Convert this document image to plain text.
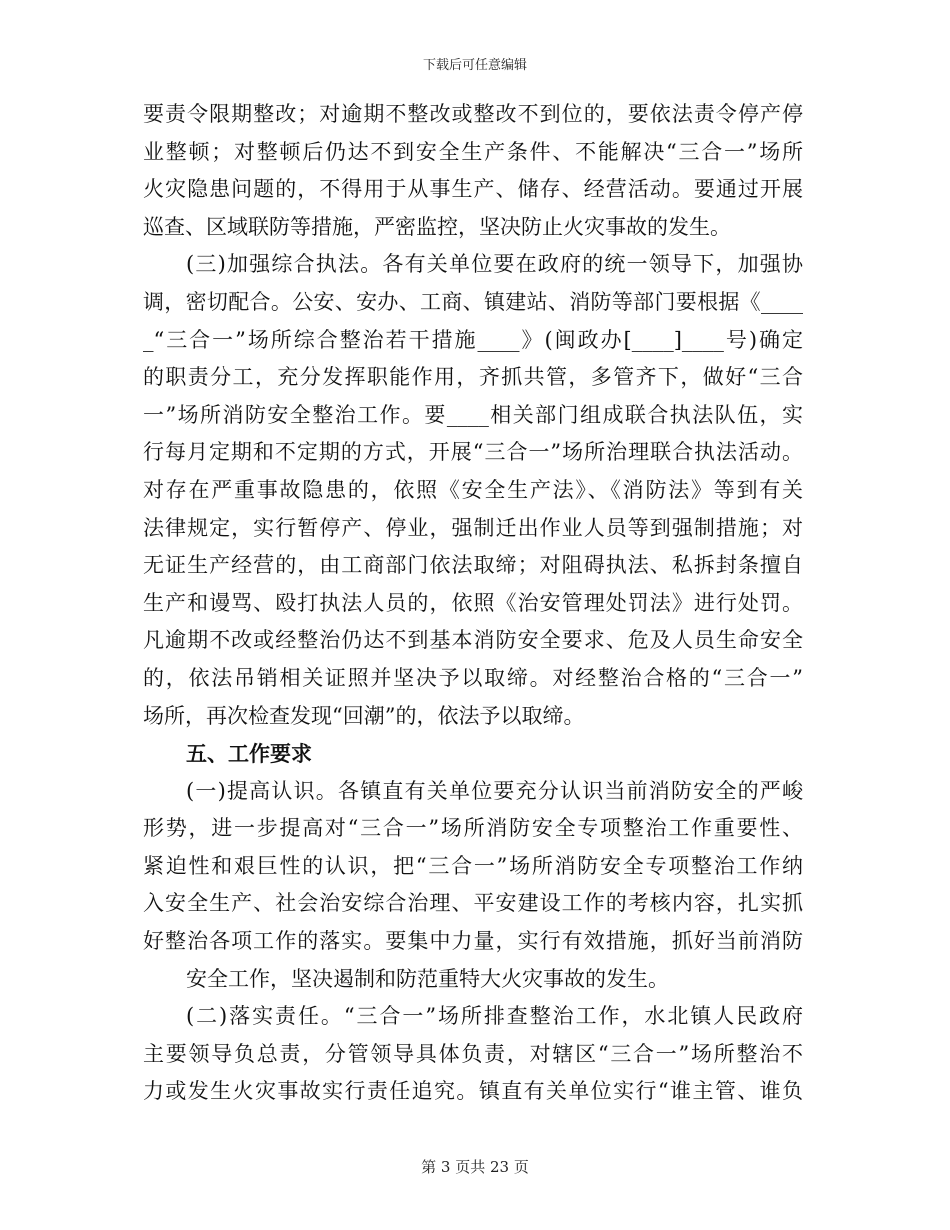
下载后可任意编辑
要责令限期整改；对逾期不整改或整改不到位的，要依法责令停产停
业整顿；对整顿后仍达不到安全生产条件、不能解决“三合一”场所
火灾隐患问题的，不得用于从事生产、储存、经营活动。要通过开展
巡查、区域联防等措施，严密监控，坚决防止火灾事故的发生。
(三)加强综合执法。各有关单位要在政府的统一领导下，加强协
调，密切配合。公安、安办、工商、镇建站、消防等部门要根据《____
_“三合一”场所综合整治若干措施____》(闽政办[____]____号)确定
的职责分工，充分发挥职能作用，齐抓共管，多管齐下，做好“三合
一”场所消防安全整治工作。要____相关部门组成联合执法队伍，实
行每月定期和不定期的方式，开展“三合一”场所治理联合执法活动。
对存在严重事故隐患的，依照《安全生产法》、《消防法》等到有关
法律规定，实行暂停产、停业，强制迁出作业人员等到强制措施；对
无证生产经营的，由工商部门依法取缔；对阻碍执法、私拆封条擅自
生产和谩骂、殴打执法人员的，依照《治安管理处罚法》进行处罚。
凡逾期不改或经整治仍达不到基本消防安全要求、危及人员生命安全
的，依法吊销相关证照并坚决予以取缔。对经整治合格的“三合一”
场所，再次检查发现“回潮”的，依法予以取缔。
五、工作要求
(一)提高认识。各镇直有关单位要充分认识当前消防安全的严峻
形势，进一步提高对“三合一”场所消防安全专项整治工作重要性、
紧迫性和艰巨性的认识，把“三合一”场所消防安全专项整治工作纳
入安全生产、社会治安综合治理、平安建设工作的考核内容，扎实抓
好整治各项工作的落实。要集中力量，实行有效措施，抓好当前消防
安全工作，坚决遏制和防范重特大火灾事故的发生。
(二)落实责任。“三合一”场所排查整治工作，水北镇人民政府
主要领导负总责，分管领导具体负责，对辖区“三合一”场所整治不
力或发生火灾事故实行责任追究。镇直有关单位实行“谁主管、谁负
第 3 页共 23 页
